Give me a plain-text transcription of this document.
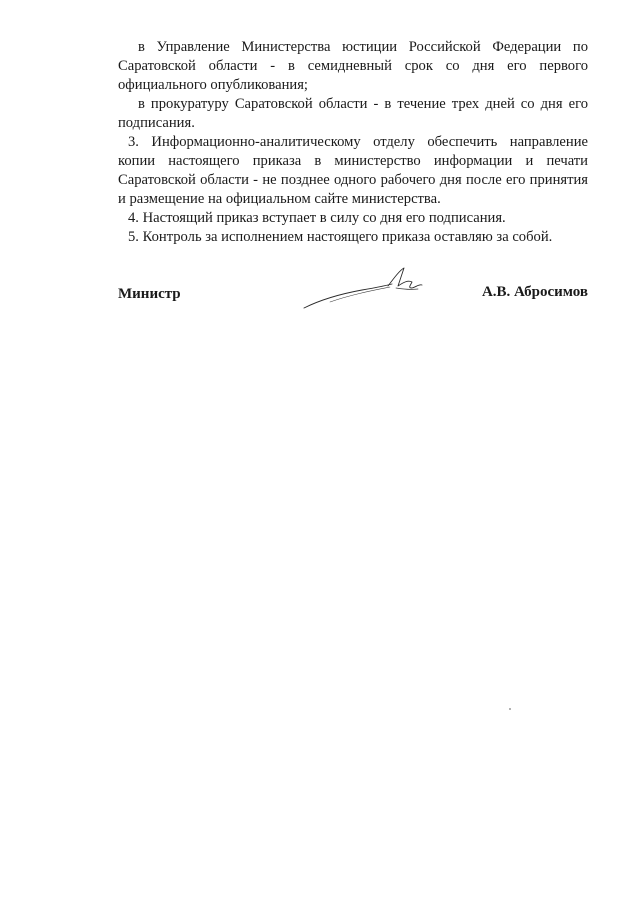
в Управление Министерства юстиции Российской Федерации по Саратовской области - в семидневный срок со дня его первого официального опубликования;

в прокуратуру Саратовской области - в течение трех дней со дня его подписания.

3. Информационно-аналитическому отделу обеспечить направление копии настоящего приказа в министерство информации и печати Саратовской области - не позднее одного рабочего дня после его принятия и размещение на официальном сайте министерства.

4. Настоящий приказ вступает в силу со дня его подписания.

5. Контроль за исполнением настоящего приказа оставляю за собой.

Министр	А.В. Абросимов
